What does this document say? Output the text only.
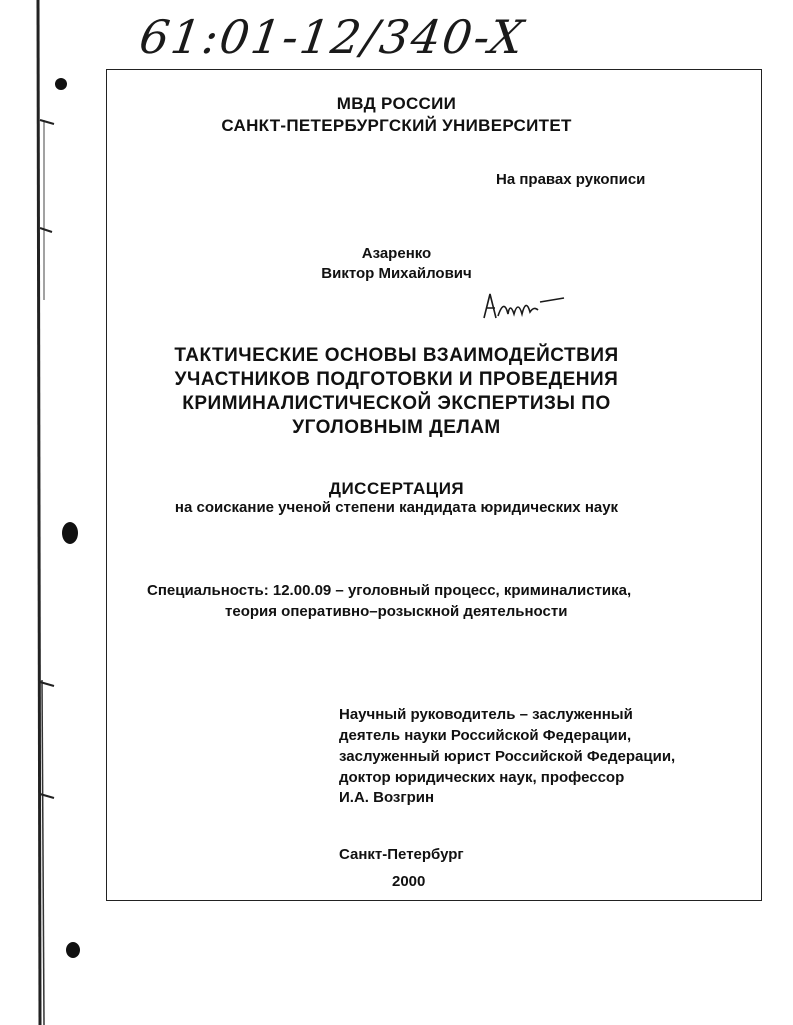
61:01-12/340-X
МВД РОССИИ
САНКТ-ПЕТЕРБУРГСКИЙ УНИВЕРСИТЕТ
На правах рукописи
Азаренко
Виктор Михайлович
ТАКТИЧЕСКИЕ ОСНОВЫ ВЗАИМОДЕЙСТВИЯ
УЧАСТНИКОВ ПОДГОТОВКИ И ПРОВЕДЕНИЯ
КРИМИНАЛИСТИЧЕСКОЙ ЭКСПЕРТИЗЫ ПО
УГОЛОВНЫМ ДЕЛАМ
ДИССЕРТАЦИЯ
на соискание ученой степени кандидата юридических наук
Специальность: 12.00.09 – уголовный процесс, криминалистика,
теория оперативно–розыскной деятельности
Научный руководитель – заслуженный
деятель науки Российской Федерации,
заслуженный юрист Российской Федерации,
доктор юридических наук, профессор
И.А. Возгрин
Санкт-Петербург
2000
